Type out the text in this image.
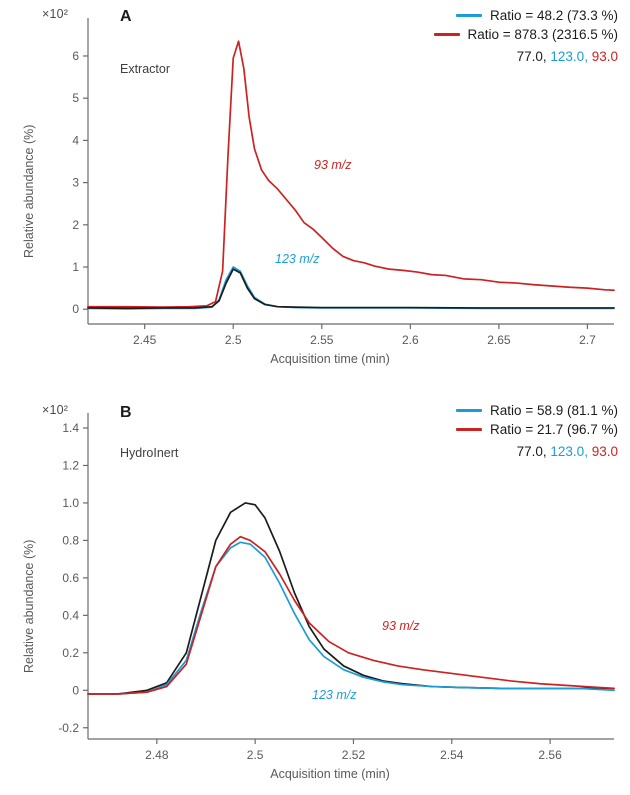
0
1
2
3
4
5
6
2.45	2.5	2.55	2.6	2.65	2.7
×10²	A
Extractor
Ratio = 48.2 (73.3 %)
Ratio = 878.3 (2316.5 %)
77.0, 123.0, 93.0
93 m/z
123 m/z
Acquisition time (min)
Relative abundance (%)
-0.2
0
0.2
0.4
0.6
0.8
1.0
1.2
1.4
2.48	2.5	2.52	2.54	2.56
×10²	B
HydroInert
Ratio = 58.9 (81.1 %)
Ratio = 21.7 (96.7 %)
77.0, 123.0, 93.0
93 m/z
123 m/z
Acquisition time (min)
Relative abundance (%)
